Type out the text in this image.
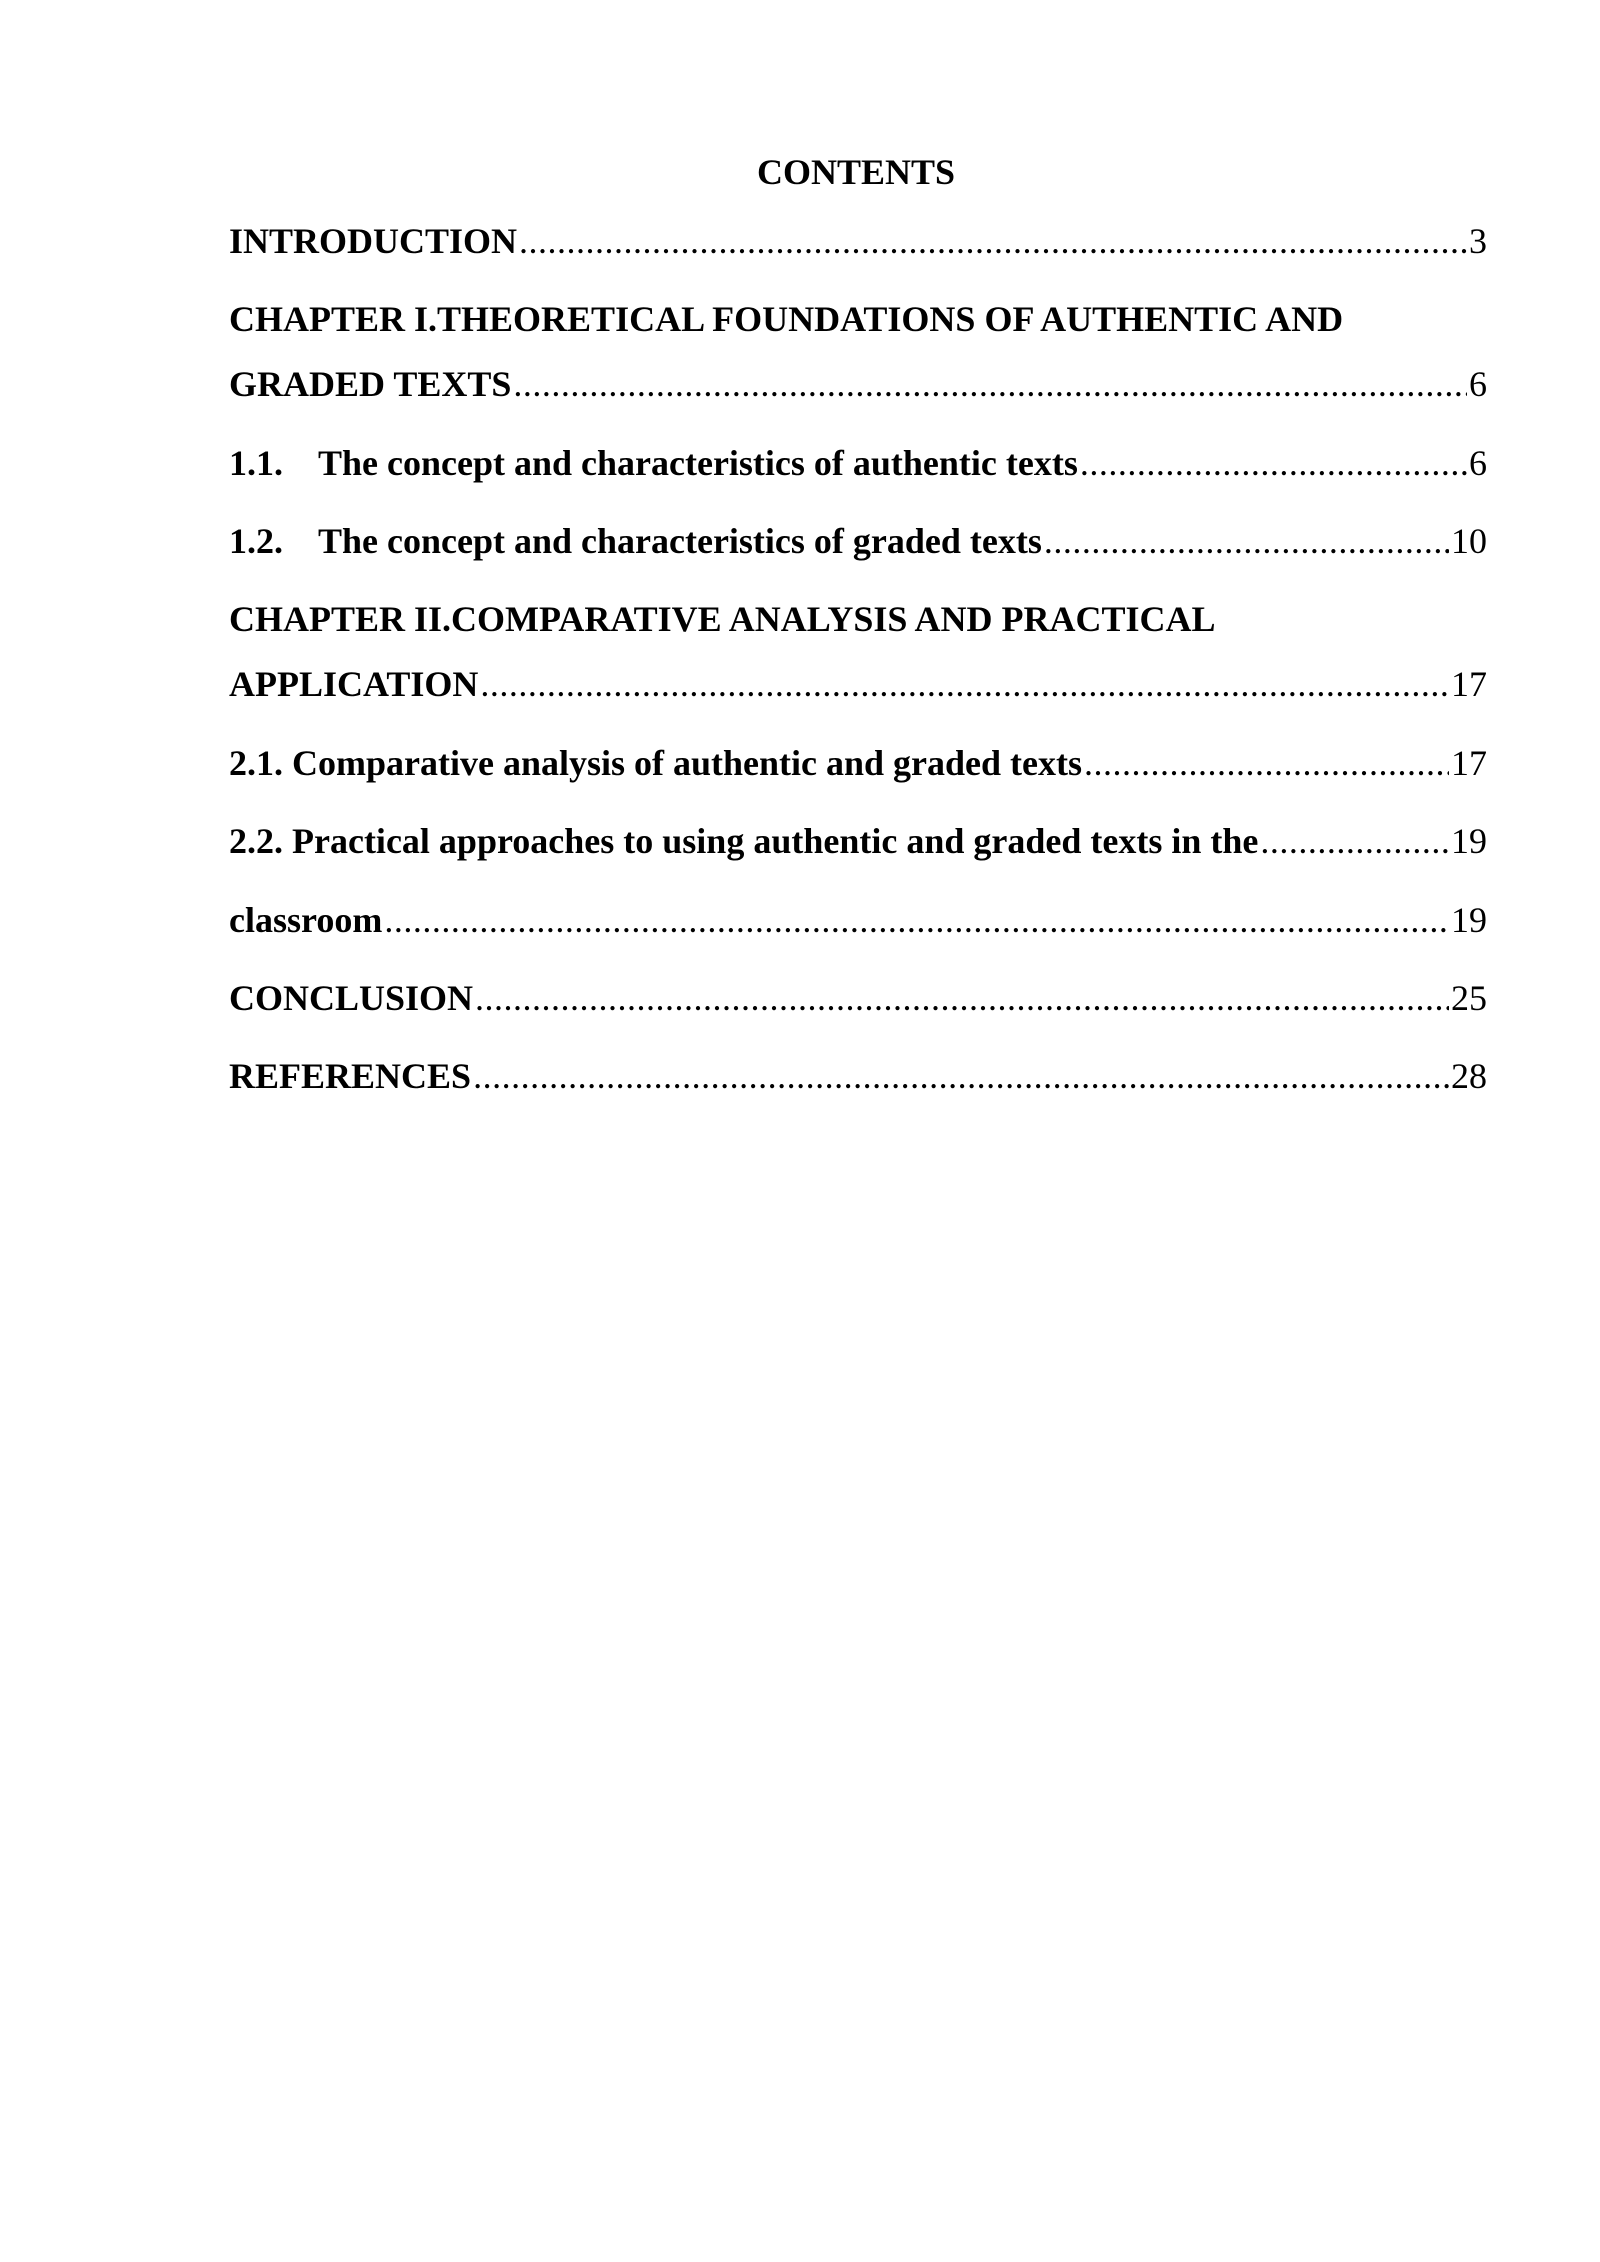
CONTENTS
INTRODUCTION .....	3
CHAPTER I.THEORETICAL FOUNDATIONS OF AUTHENTIC AND
GRADED TEXTS .....	6
1.1. The concept and characteristics of authentic texts .....	6
1.2. The concept and characteristics of graded texts .....	10
CHAPTER II.COMPARATIVE ANALYSIS AND PRACTICAL
APPLICATION .....	17
2.1. Comparative analysis of authentic and graded texts .....	17
2.2. Practical approaches to using authentic and graded texts in the .....	19
classroom .....	19
CONCLUSION .....	25
REFERENCES .....	28
